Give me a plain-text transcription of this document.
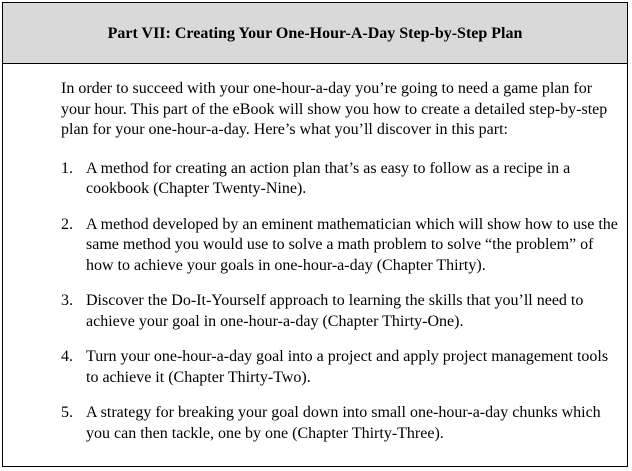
Part VII: Creating Your One-Hour-A-Day Step-by-Step Plan

In order to succeed with your one-hour-a-day you’re going to need a game plan for your hour. This part of the eBook will show you how to create a detailed step-by-step plan for your one-hour-a-day. Here’s what you’ll discover in this part:

1. A method for creating an action plan that’s as easy to follow as a recipe in a cookbook (Chapter Twenty-Nine).
2. A method developed by an eminent mathematician which will show how to use the same method you would use to solve a math problem to solve “the problem” of how to achieve your goals in one-hour-a-day (Chapter Thirty).
3. Discover the Do-It-Yourself approach to learning the skills that you’ll need to achieve your goal in one-hour-a-day (Chapter Thirty-One).
4. Turn your one-hour-a-day goal into a project and apply project management tools to achieve it (Chapter Thirty-Two).
5. A strategy for breaking your goal down into small one-hour-a-day chunks which you can then tackle, one by one (Chapter Thirty-Three).
